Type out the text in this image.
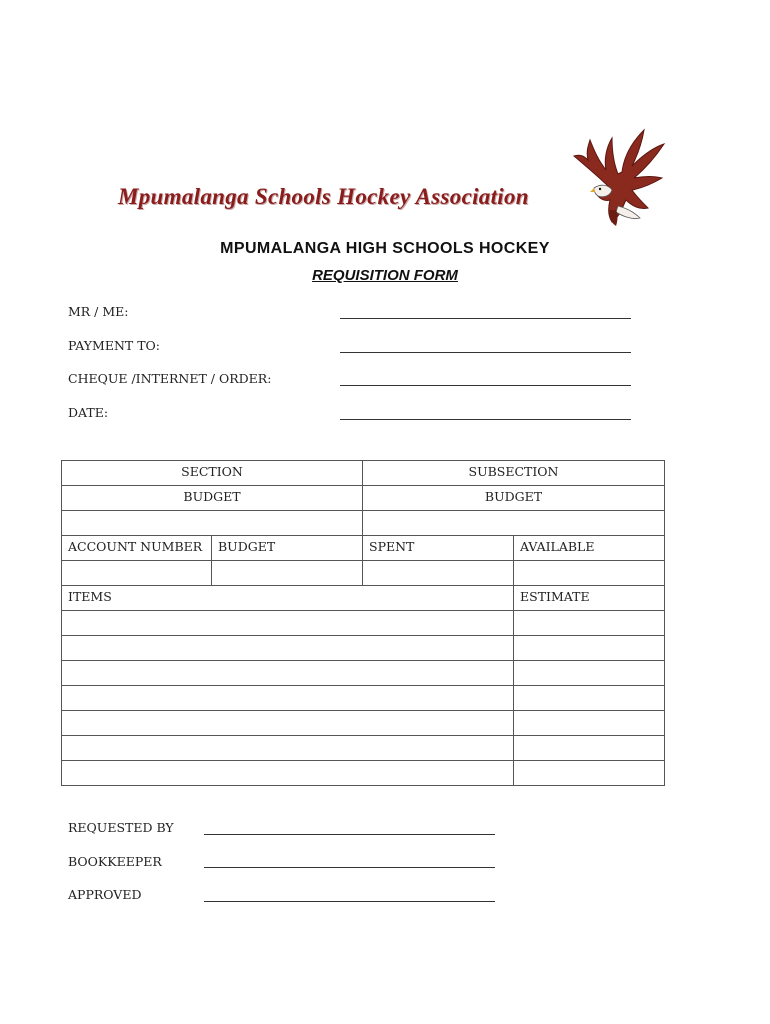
Mpumalanga Schools Hockey Association
MPUMALANGA HIGH SCHOOLS HOCKEY
REQUISITION FORM
MR / ME:
PAYMENT TO:
CHEQUE /INTERNET / ORDER:
DATE:
SECTION		SUBSECTION	
BUDGET		BUDGET	

ACCOUNT NUMBER	BUDGET	SPENT	AVAILABLE

ITEMS			ESTIMATE

REQUESTED BY
BOOKKEEPER
APPROVED
